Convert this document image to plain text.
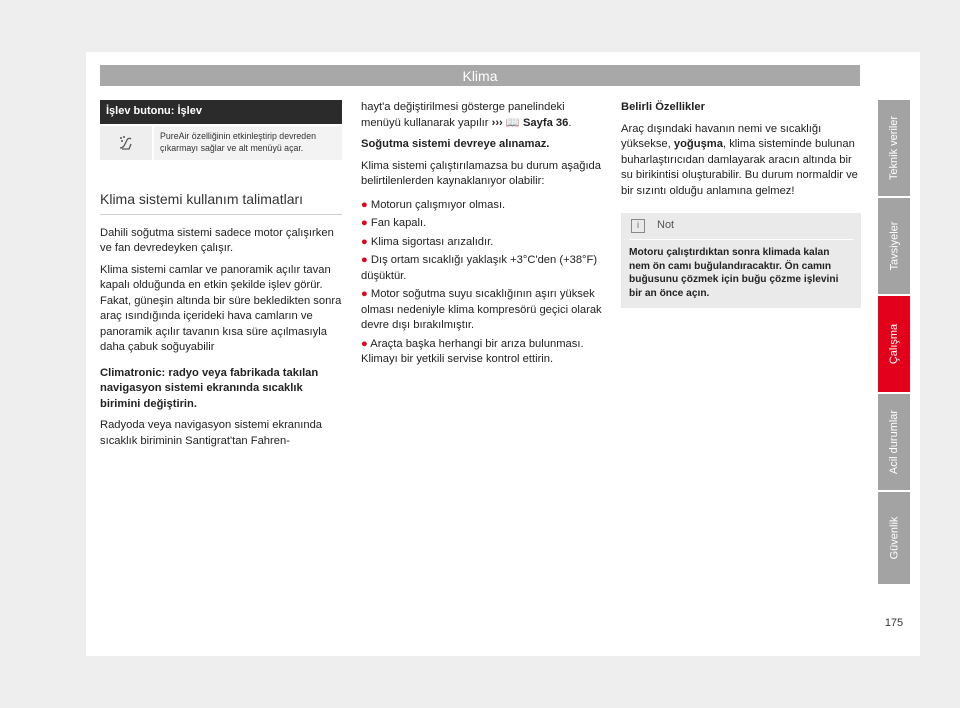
Klima
İşlev butonu: İşlev
PureAir özelliğinin etkinleştirip devreden çıkarmayı sağlar ve alt menüyü açar.
Klima sistemi kullanım talimatları

Dahili soğutma sistemi sadece motor çalışırken ve fan devredeyken çalışır.

Klima sistemi camlar ve panoramik açılır tavan kapalı olduğunda en etkin şekilde işlev görür. Fakat, güneşin altında bir süre bekledikten sonra araç ısındığında içerideki hava camların ve panoramik açılır tavanın kısa süre açılmasıyla daha çabuk soğuyabilir

Climatronic: radyo veya fabrikada takılan navigasyon sistemi ekranında sıcaklık birimini değiştirin.

Radyoda veya navigasyon sistemi ekranında sıcaklık biriminin Santigrat'tan Fahren-

hayt'a değiştirilmesi gösterge panelindeki menüyü kullanarak yapılır ››› 📖 Sayfa 36.

Soğutma sistemi devreye alınamaz.

Klima sistemi çalıştırılamazsa bu durum aşağıda belirtilenlerden kaynaklanıyor olabilir:

● Motorun çalışmıyor olması.

● Fan kapalı.

● Klima sigortası arızalıdır.

● Dış ortam sıcaklığı yaklaşık +3°C'den (+38°F) düşüktür.

● Motor soğutma suyu sıcaklığının aşırı yüksek olması nedeniyle klima kompresörü geçici olarak devre dışı bırakılmıştır.

● Araçta başka herhangi bir arıza bulunması. Klimayı bir yetkili servise kontrol ettirin.

Belirli Özellikler

Araç dışındaki havanın nemi ve sıcaklığı yüksekse, yoğuşma, klima sisteminde bulunan buharlaştırıcıdan damlayarak aracın altında bir su birikintisi oluşturabilir. Bu durum normaldir ve bir sızıntı olduğu anlamına gelmez!

i	Not
Motoru çalıştırdıktan sonra klimada kalan nem ön camı buğulandıracaktır. Ön camın buğusunu çözmek için buğu çözme işlevini bir an önce açın.
Teknik veriler
Tavsiyeler
Çalışma
Acil durumlar
Güvenlik
175
